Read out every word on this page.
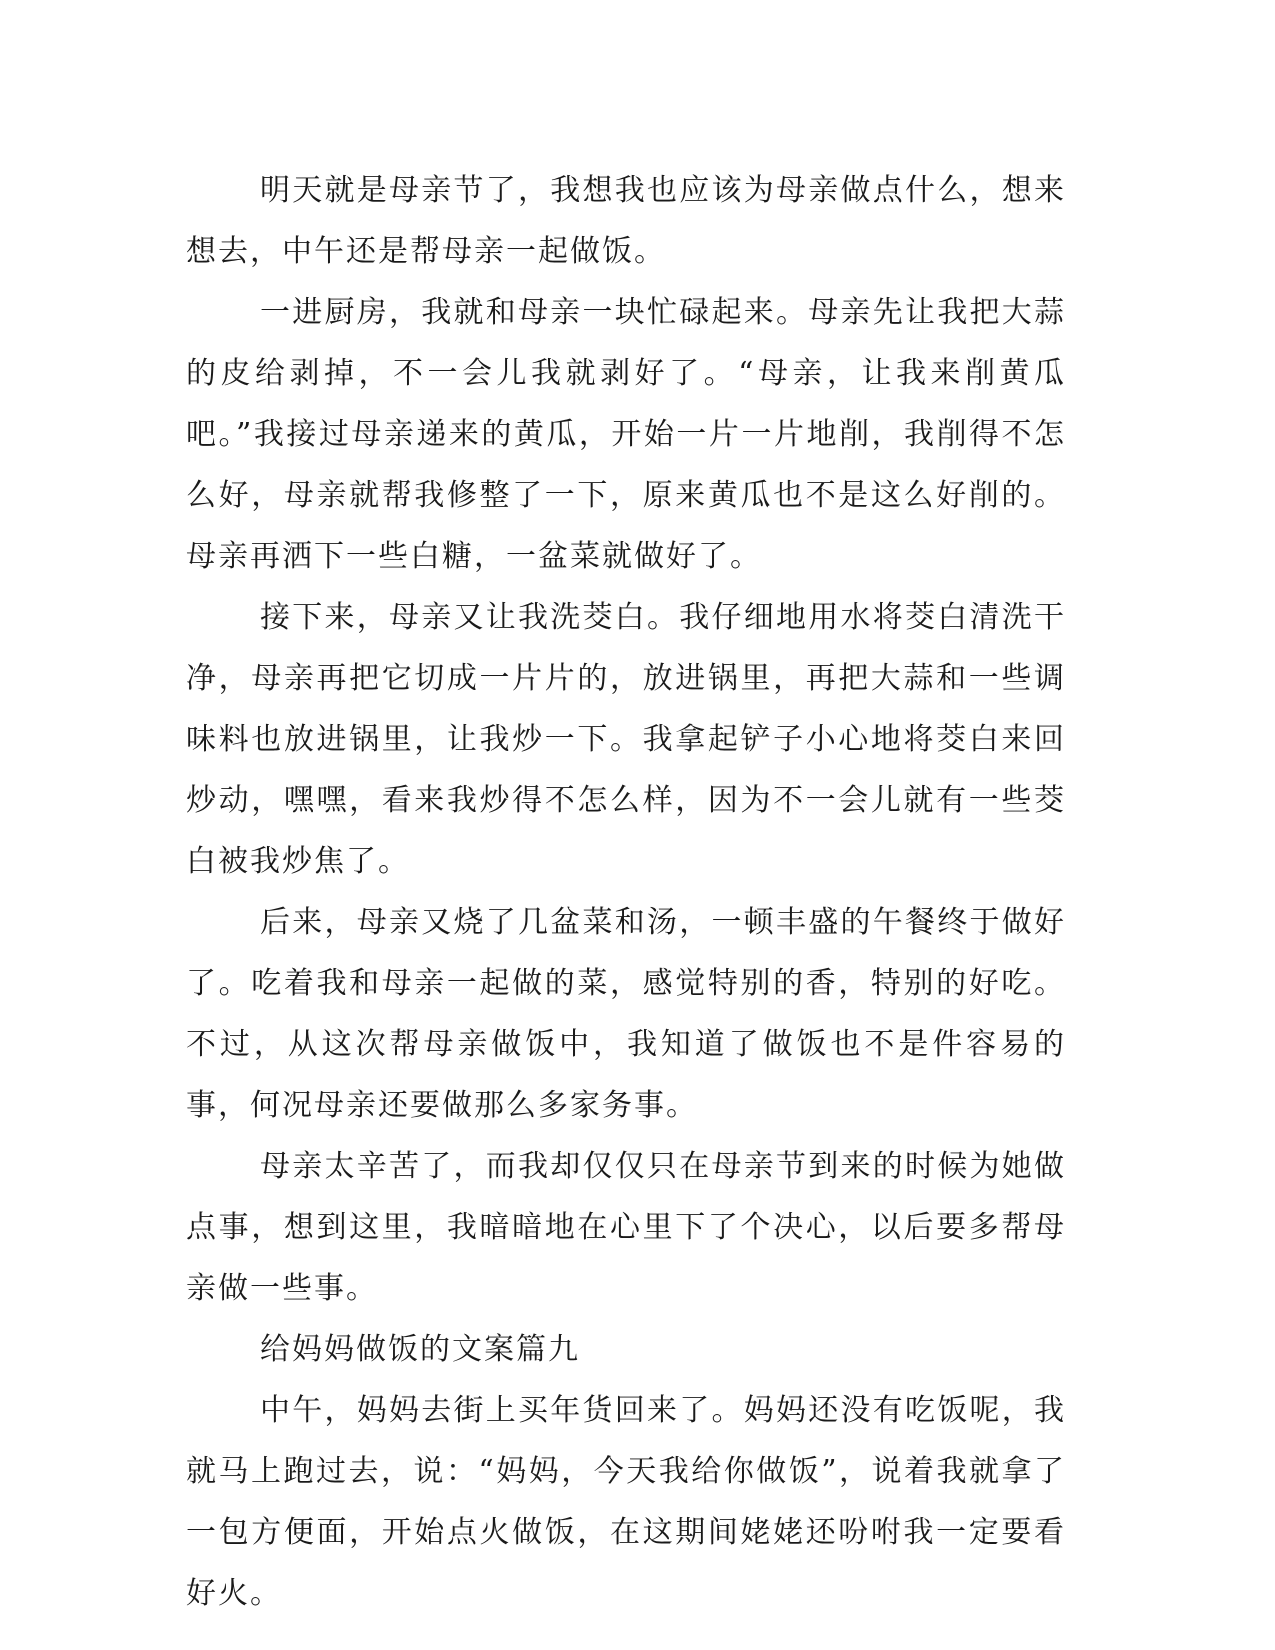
明天就是母亲节了，我想我也应该为母亲做点什么，想来想去，中午还是帮母亲一起做饭。

一进厨房，我就和母亲一块忙碌起来。母亲先让我把大蒜的皮给剥掉，不一会儿我就剥好了。“母亲，让我来削黄瓜吧。”我接过母亲递来的黄瓜，开始一片一片地削，我削得不怎么好，母亲就帮我修整了一下，原来黄瓜也不是这么好削的。母亲再洒下一些白糖，一盆菜就做好了。

接下来，母亲又让我洗茭白。我仔细地用水将茭白清洗干净，母亲再把它切成一片片的，放进锅里，再把大蒜和一些调味料也放进锅里，让我炒一下。我拿起铲子小心地将茭白来回炒动，嘿嘿，看来我炒得不怎么样，因为不一会儿就有一些茭白被我炒焦了。

后来，母亲又烧了几盆菜和汤，一顿丰盛的午餐终于做好了。吃着我和母亲一起做的菜，感觉特别的香，特别的好吃。不过，从这次帮母亲做饭中，我知道了做饭也不是件容易的事，何况母亲还要做那么多家务事。

母亲太辛苦了，而我却仅仅只在母亲节到来的时候为她做点事，想到这里，我暗暗地在心里下了个决心，以后要多帮母亲做一些事。

给妈妈做饭的文案篇九

中午，妈妈去街上买年货回来了。妈妈还没有吃饭呢，我就马上跑过去，说：“妈妈，今天我给你做饭”，说着我就拿了一包方便面，开始点火做饭，在这期间姥姥还吩咐我一定要看好火。
